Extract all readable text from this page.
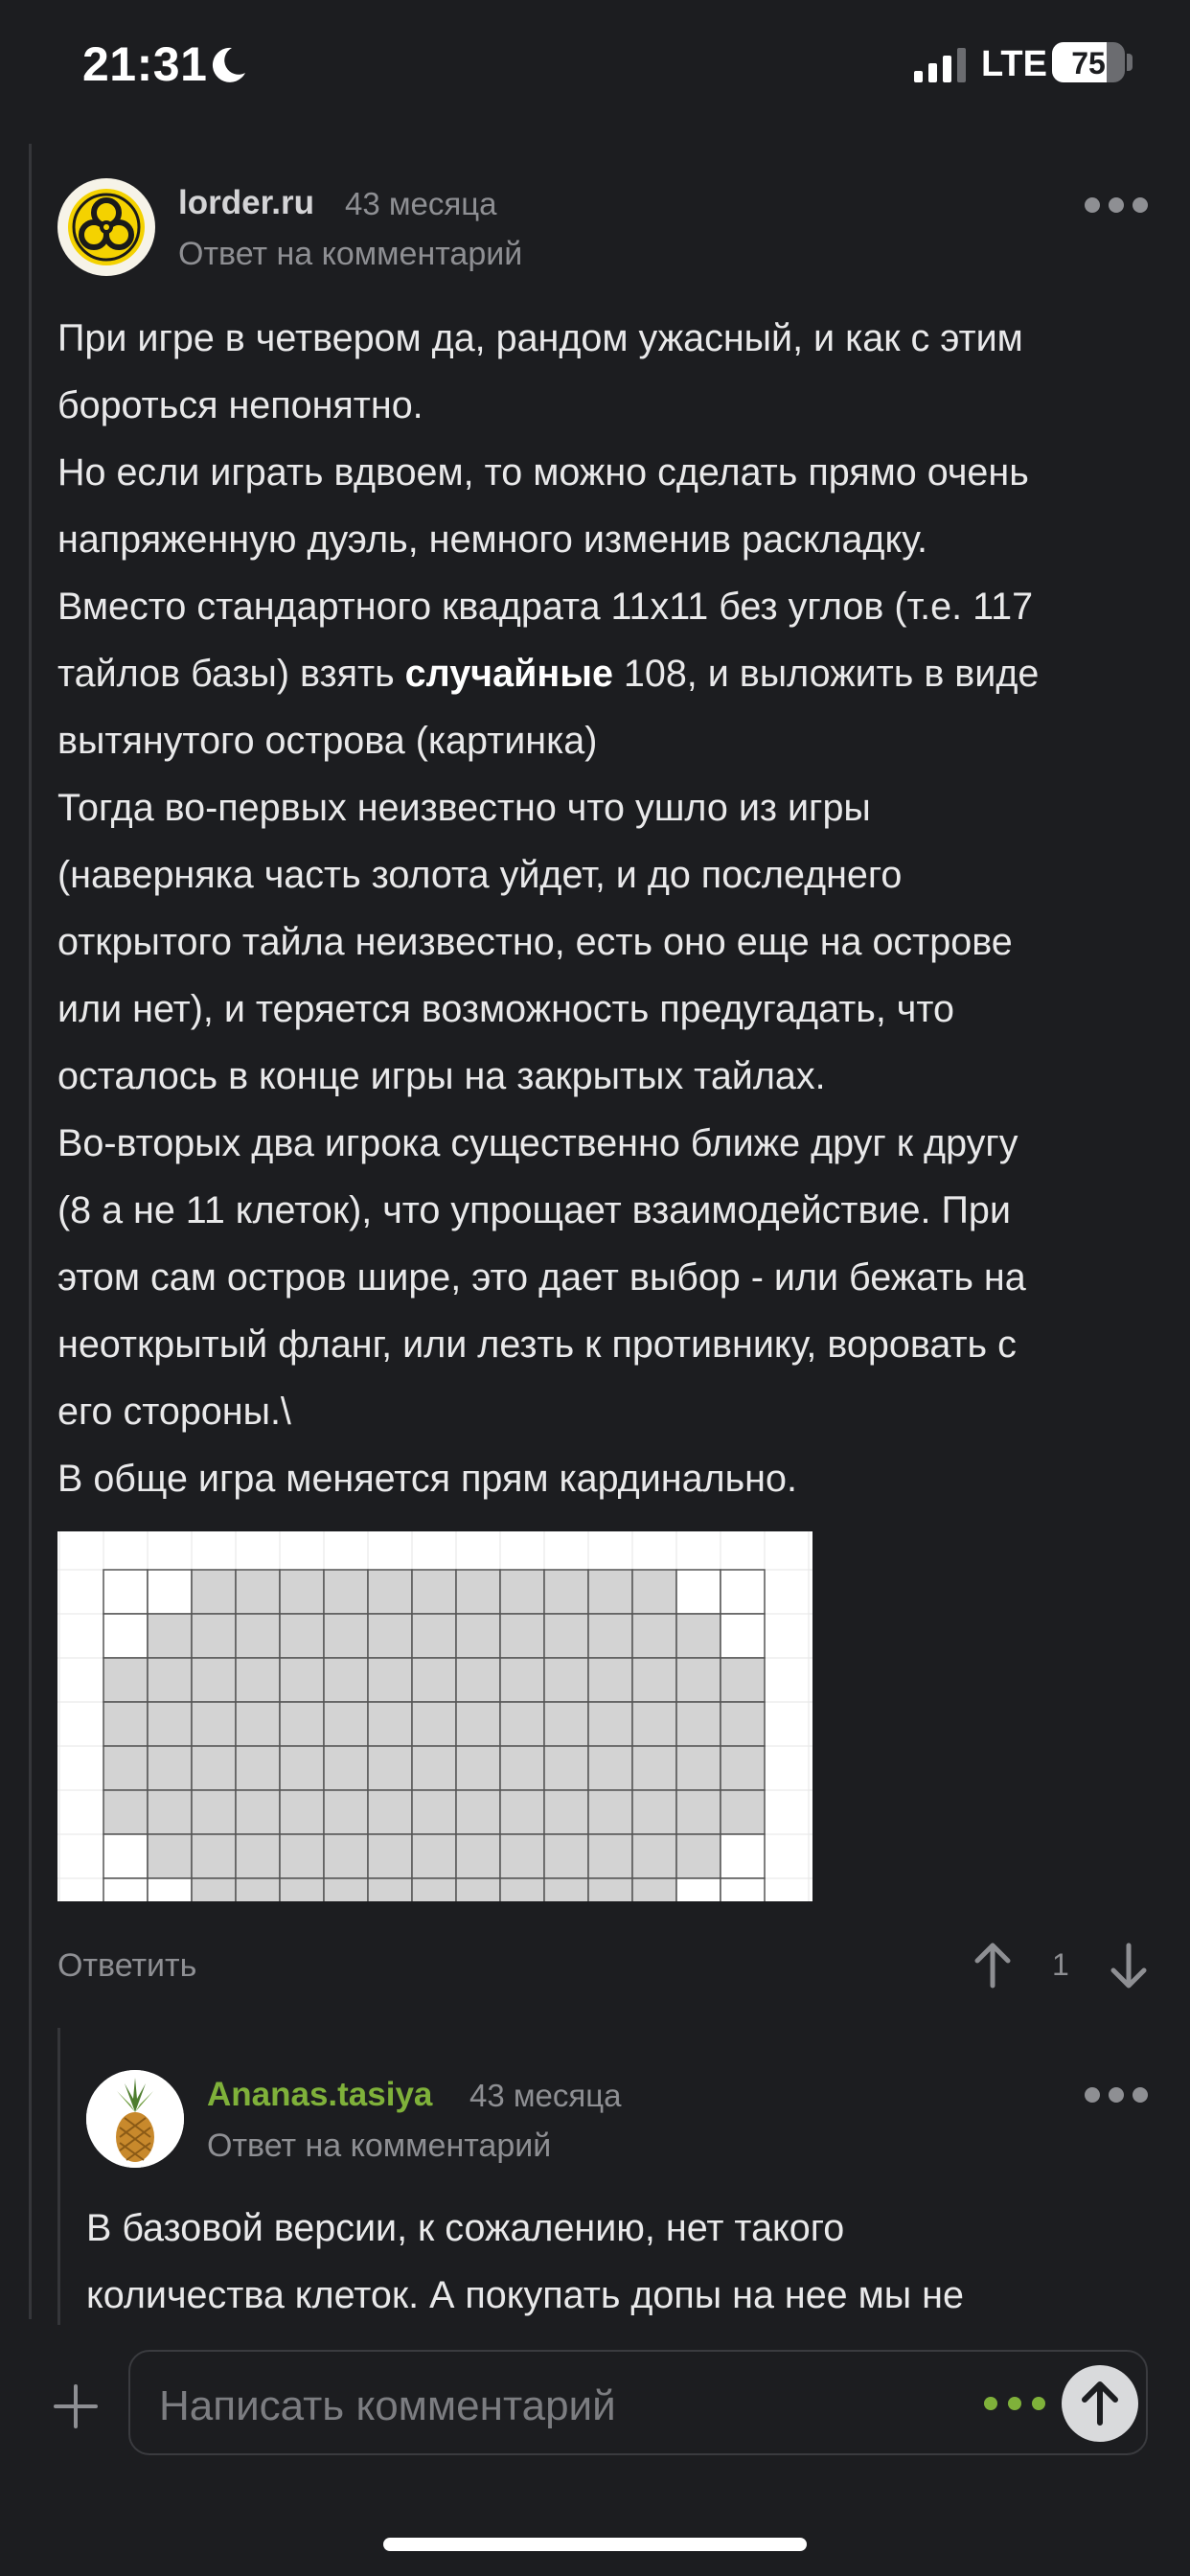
21:31	LTE 75
lorder.ru 43 месяца
Ответ на комментарий

При игре в четвером да, рандом ужасный, и как с этим

бороться непонятно.

Но если играть вдвоем, то можно сделать прямо очень

напряженную дуэль, немного изменив раскладку.

Вместо стандартного квадрата 11х11 без углов (т.е. 117

тайлов базы) взять случайные 108, и выложить в виде

вытянутого острова (картинка)

Тогда во-первых неизвестно что ушло из игры

(наверняка часть золота уйдет, и до последнего

открытого тайла неизвестно, есть оно еще на острове

или нет), и теряется возможность предугадать, что

осталось в конце игры на закрытых тайлах.

Во-вторых два игрока существенно ближе друг к другу

(8 а не 11 клеток), что упрощает взаимодействие. При

этом сам остров шире, это дает выбор - или бежать на

неоткрытый фланг, или лезть к противнику, воровать с

его стороны.\

В обще игра меняется прям кардинально.

Ответить	1
Ananas.tasiya 43 месяца
Ответ на комментарий

В базовой версии, к сожалению, нет такого

количества клеток. А покупать допы на нее мы не

Написать комментарий
